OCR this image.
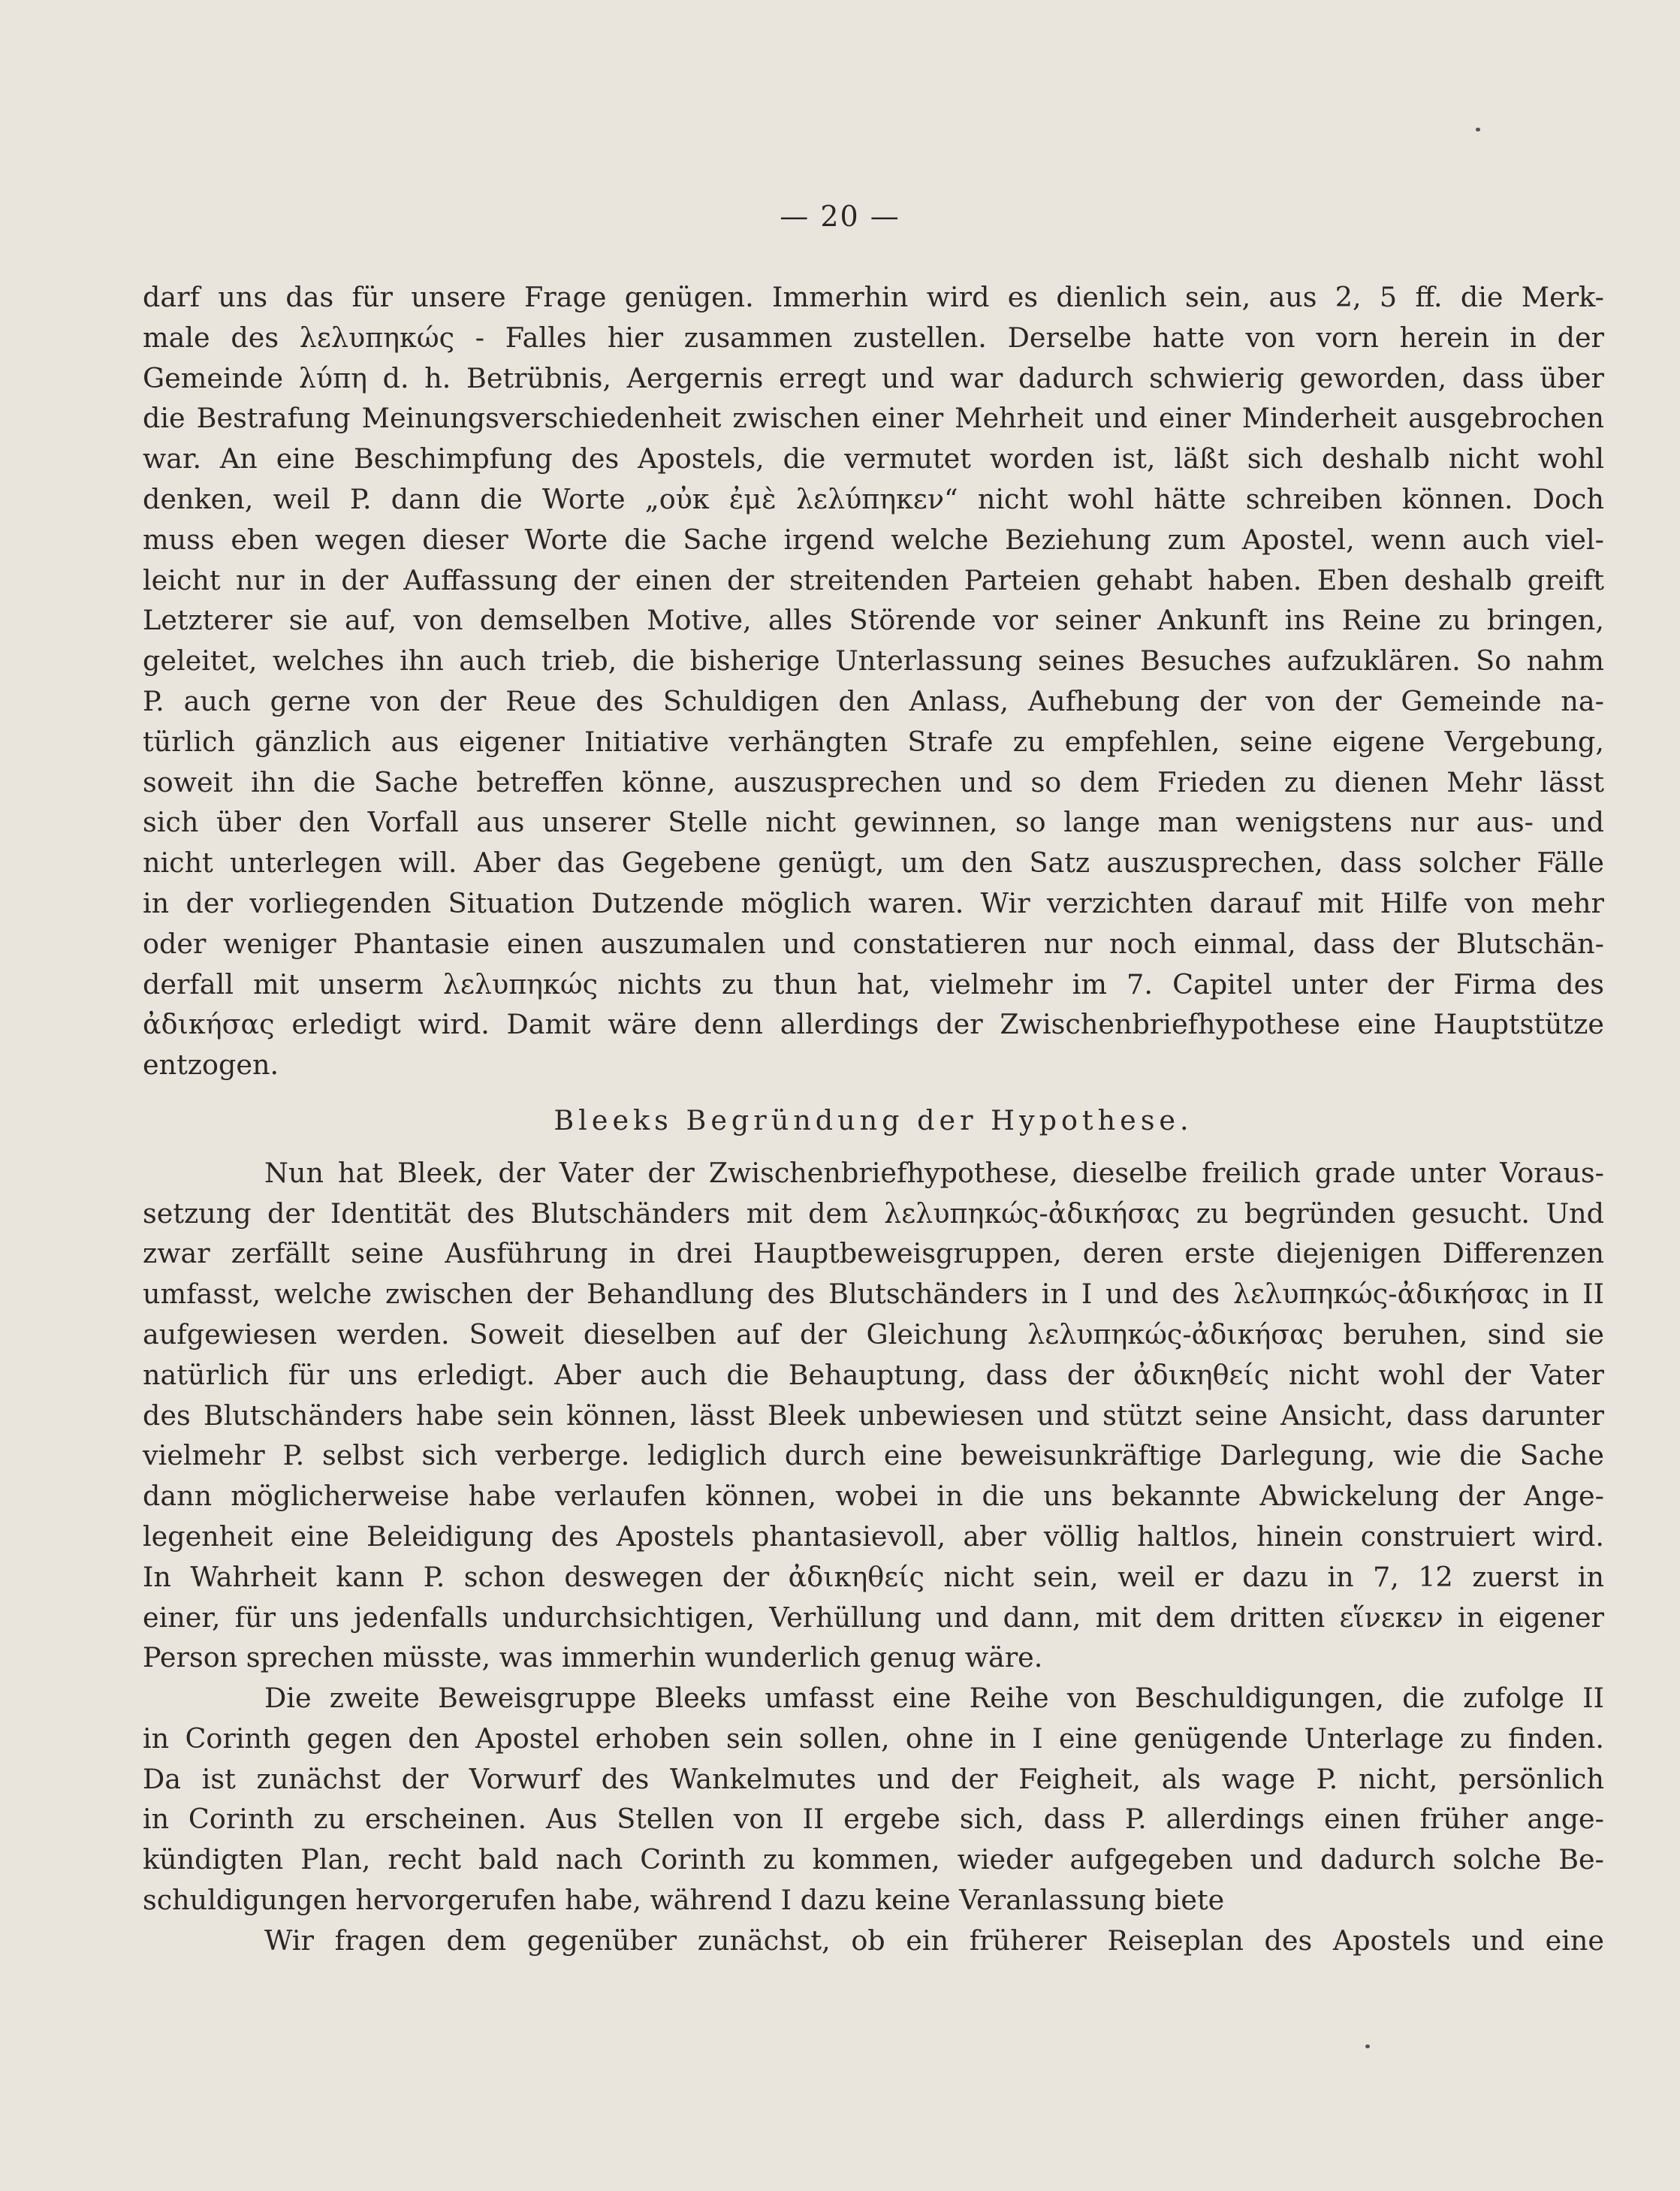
— 20 —
darf uns das für unsere Frage genügen. Immerhin wird es dienlich sein, aus 2, 5 ff. die Merk-
male des λελυπηκώς - Falles hier zusammen zustellen. Derselbe hatte von vorn herein in der
Gemeinde λύπη d. h. Betrübnis, Aergernis erregt und war dadurch schwierig geworden, dass über
die Bestrafung Meinungsverschiedenheit zwischen einer Mehrheit und einer Minderheit ausgebrochen
war. An eine Beschimpfung des Apostels, die vermutet worden ist, läßt sich deshalb nicht wohl
denken, weil P. dann die Worte „οὐκ ἐμὲ λελύπηκεν“ nicht wohl hätte schreiben können. Doch
muss eben wegen dieser Worte die Sache irgend welche Beziehung zum Apostel, wenn auch viel-
leicht nur in der Auffassung der einen der streitenden Parteien gehabt haben. Eben deshalb greift
Letzterer sie auf, von demselben Motive, alles Störende vor seiner Ankunft ins Reine zu bringen,
geleitet, welches ihn auch trieb, die bisherige Unterlassung seines Besuches aufzuklären. So nahm
P. auch gerne von der Reue des Schuldigen den Anlass, Aufhebung der von der Gemeinde na-
türlich gänzlich aus eigener Initiative verhängten Strafe zu empfehlen, seine eigene Vergebung,
soweit ihn die Sache betreffen könne, auszusprechen und so dem Frieden zu dienen Mehr lässt
sich über den Vorfall aus unserer Stelle nicht gewinnen, so lange man wenigstens nur aus- und
nicht unterlegen will. Aber das Gegebene genügt, um den Satz auszusprechen, dass solcher Fälle
in der vorliegenden Situation Dutzende möglich waren. Wir verzichten darauf mit Hilfe von mehr
oder weniger Phantasie einen auszumalen und constatieren nur noch einmal, dass der Blutschän-
derfall mit unserm λελυπηκώς nichts zu thun hat, vielmehr im 7. Capitel unter der Firma des
ἀδικήσας erledigt wird. Damit wäre denn allerdings der Zwischenbriefhypothese eine Hauptstütze
entzogen.
Bleeks Begründung der Hypothese.
Nun hat Bleek, der Vater der Zwischenbriefhypothese, dieselbe freilich grade unter Voraus-
setzung der Identität des Blutschänders mit dem λελυπηκώς-ἀδικήσας zu begründen gesucht. Und
zwar zerfällt seine Ausführung in drei Hauptbeweisgruppen, deren erste diejenigen Differenzen
umfasst, welche zwischen der Behandlung des Blutschänders in I und des λελυπηκώς-ἀδικήσας in II
aufgewiesen werden. Soweit dieselben auf der Gleichung λελυπηκώς-ἀδικήσας beruhen, sind sie
natürlich für uns erledigt. Aber auch die Behauptung, dass der ἀδικηθείς nicht wohl der Vater
des Blutschänders habe sein können, lässt Bleek unbewiesen und stützt seine Ansicht, dass darunter
vielmehr P. selbst sich verberge. lediglich durch eine beweisunkräftige Darlegung, wie die Sache
dann möglicherweise habe verlaufen können, wobei in die uns bekannte Abwickelung der Ange-
legenheit eine Beleidigung des Apostels phantasievoll, aber völlig haltlos, hinein construiert wird.
In Wahrheit kann P. schon deswegen der ἀδικηθείς nicht sein, weil er dazu in 7, 12 zuerst in
einer, für uns jedenfalls undurchsichtigen, Verhüllung und dann, mit dem dritten εἵνεκεν in eigener
Person sprechen müsste, was immerhin wunderlich genug wäre.
Die zweite Beweisgruppe Bleeks umfasst eine Reihe von Beschuldigungen, die zufolge II
in Corinth gegen den Apostel erhoben sein sollen, ohne in I eine genügende Unterlage zu finden.
Da ist zunächst der Vorwurf des Wankelmutes und der Feigheit, als wage P. nicht, persönlich
in Corinth zu erscheinen. Aus Stellen von II ergebe sich, dass P. allerdings einen früher ange-
kündigten Plan, recht bald nach Corinth zu kommen, wieder aufgegeben und dadurch solche Be-
schuldigungen hervorgerufen habe, während I dazu keine Veranlassung biete
Wir fragen dem gegenüber zunächst, ob ein früherer Reiseplan des Apostels und eine
